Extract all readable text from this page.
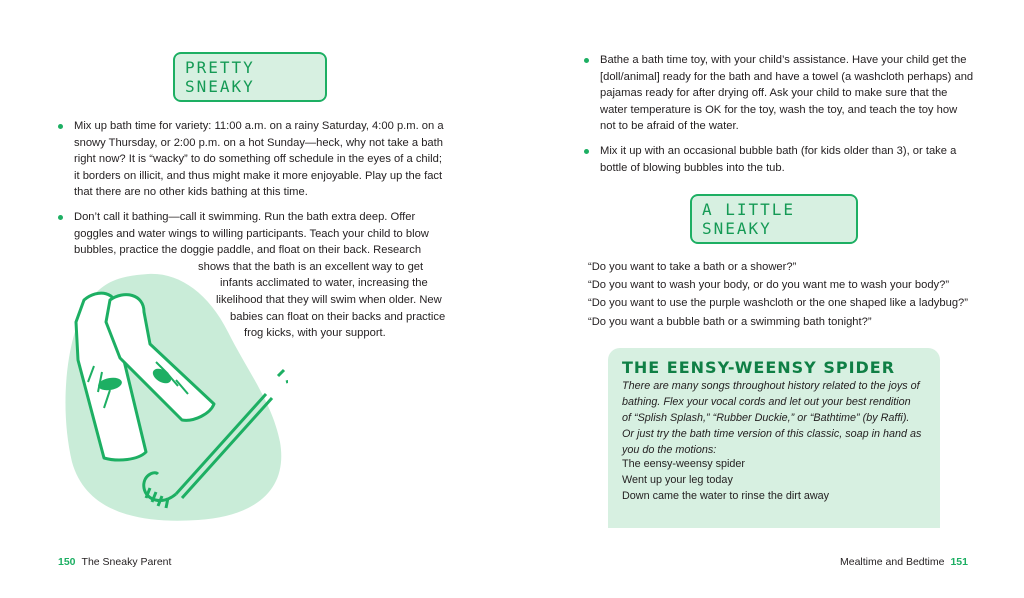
PRETTY SNEAKY
Mix up bath time for variety: 11:00 a.m. on a rainy Saturday, 4:00 p.m. on a
snowy Thursday, or 2:00 p.m. on a hot Sunday—heck, why not take a bath
right now? It is “wacky” to do something off schedule in the eyes of a child;
it borders on illicit, and thus might make it more enjoyable. Play up the fact
that there are no other kids bathing at this time.
Don’t call it bathing—call it swimming. Run the bath extra deep. Offer
goggles and water wings to willing participants. Teach your child to blow
bubbles, practice the doggie paddle, and float on their back. Research
shows that the bath is an excellent way to get
infants acclimated to water, increasing the
likelihood that they will swim when older. New
babies can float on their backs and practice
frog kicks, with your support.
150 The Sneaky Parent
Bathe a bath time toy, with your child’s assistance. Have your child get the
[doll/animal] ready for the bath and have a towel (a washcloth perhaps) and
pajamas ready for after drying off. Ask your child to make sure that the
water temperature is OK for the toy, wash the toy, and teach the toy how
not to be afraid of the water.
Mix it up with an occasional bubble bath (for kids older than 3), or take a
bottle of blowing bubbles into the tub.
A LITTLE SNEAKY
“Do you want to take a bath or a shower?”
“Do you want to wash your body, or do you want me to wash your body?”
“Do you want to use the purple washcloth or the one shaped like a ladybug?”
“Do you want a bubble bath or a swimming bath tonight?”
THE EENSY-WEENSY SPIDER
There are many songs throughout history related to the joys of
bathing. Flex your vocal cords and let out your best rendition
of “Splish Splash,” “Rubber Duckie,” or “Bathtime” (by Raffi).
Or just try the bath time version of this classic, soap in hand as
you do the motions:
The eensy-weensy spider
Went up your leg today
Down came the water to rinse the dirt away
Mealtime and Bedtime 151
